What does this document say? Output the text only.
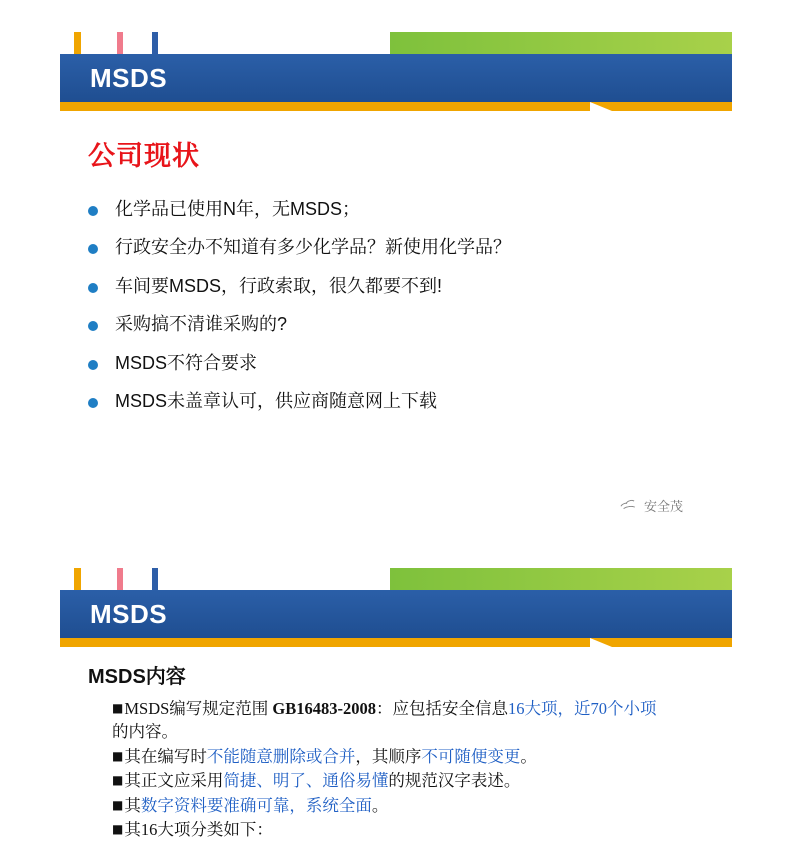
MSDS
公司现状
化学品已使用N年，无MSDS；
行政安全办不知道有多少化学品？新使用化学品？
车间要MSDS，行政索取，很久都要不到!
采购搞不清谁采购的?
MSDS不符合要求
MSDS未盖章认可，供应商随意网上下载
安全茂
MSDS
MSDS内容
■MSDS编写规定范围 GB16483-2008：应包括安全信息16大项，近70个小项的内容。
■其在编写时不能随意删除或合并，其顺序不可随便变更。
■其正文应采用简捷、明了、通俗易懂的规范汉字表述。
■其数字资料要准确可靠，系统全面。
■其16大项分类如下：
